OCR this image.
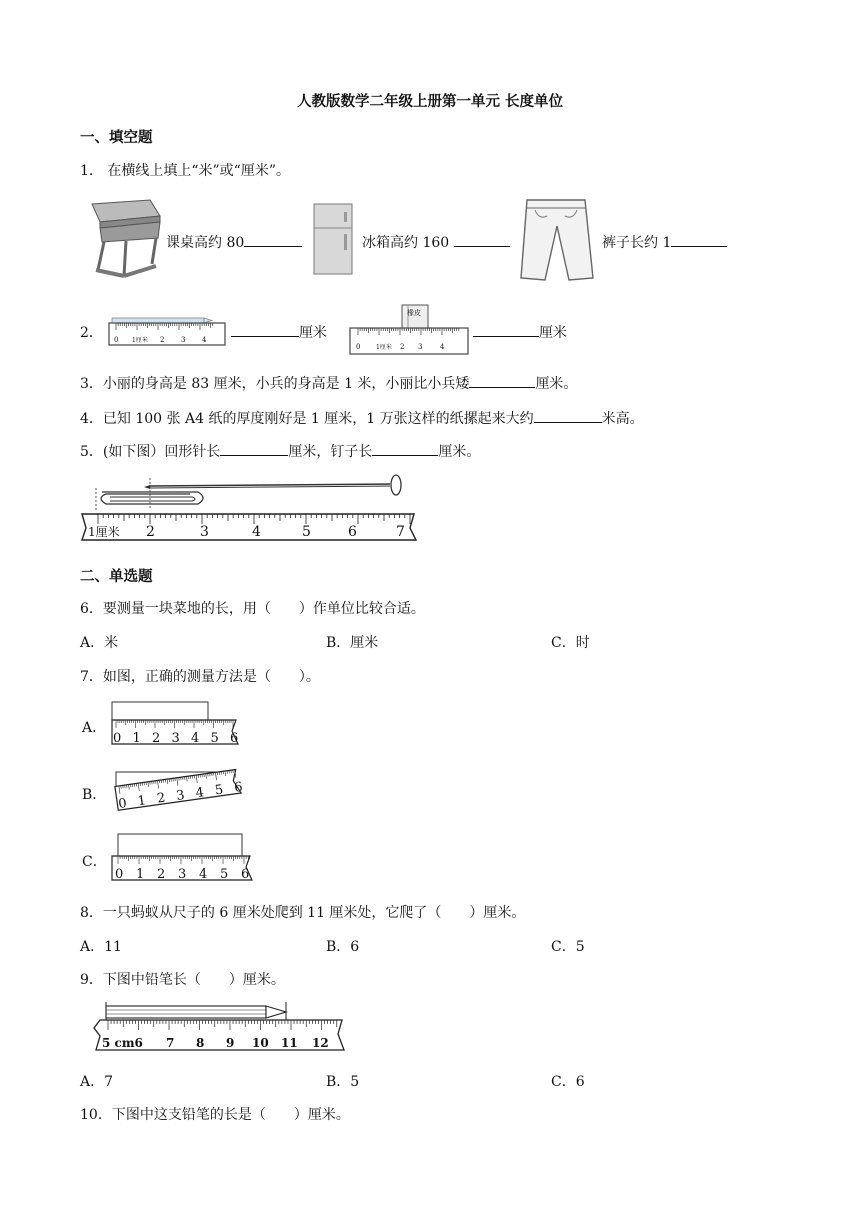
人教版数学二年级上册第一单元 长度单位
一、填空题
1． 在横线上填上“米”或“厘米”。
课桌高约 80	冰箱高约 160	裤子长约 1
2． 0 1厘米 2 3 4	厘米
橡皮
0	1厘米 2 3	4
厘米
3．小丽的身高是 83 厘米，小兵的身高是 1 米，小丽比小兵矮	厘米。
4．已知 100 张 A4 纸的厚度刚好是 1 厘米，1 万张这样的纸摞起来大约	米高。
5．(如下图）回形针长	厘米，钉子长	厘米。
1厘米 2	3	4	5	6	7
二、单选题
6．要测量一块菜地的长，用（　　）作单位比较合适。
A．米	B．厘米	C．时
7．如图，正确的测量方法是（　　）。
A．
0 1 2 3 4 5 6
B．
0 1 2 3 4 5 6
C．
0 1 2 3 4 5 6
8．一只蚂蚁从尺子的 6 厘米处爬到 11 厘米处，它爬了（　　）厘米。
A．11	B．6	C．5
9．下图中铅笔长（　　）厘米。
5 cm6 7 8 9 10 11 12
A．7	B．5	C．6
10．下图中这支铅笔的长是（　　）厘米。
